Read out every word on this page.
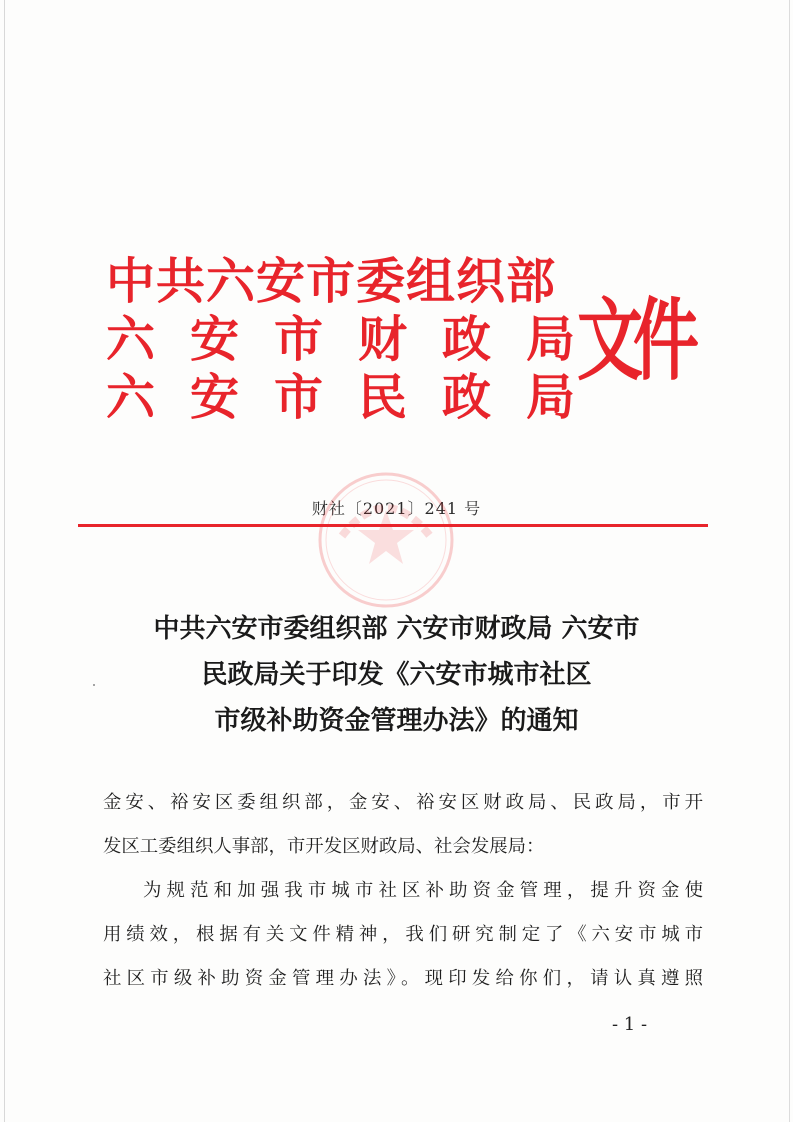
中共六安市委组织部
六安市财政局
六安市民政局
文件
财社〔2021〕241 号
中共六安市委组织部 六安市财政局 六安市
民政局关于印发《六安市城市社区
市级补助资金管理办法》的通知
金安、裕安区委组织部，金安、裕安区财政局、民政局，市开
发区工委组织人事部，市开发区财政局、社会发展局：
为规范和加强我市城市社区补助资金管理，提升资金使
用绩效，根据有关文件精神，我们研究制定了《六安市城市
社区市级补助资金管理办法》。现印发给你们，请认真遵照
- 1 -
